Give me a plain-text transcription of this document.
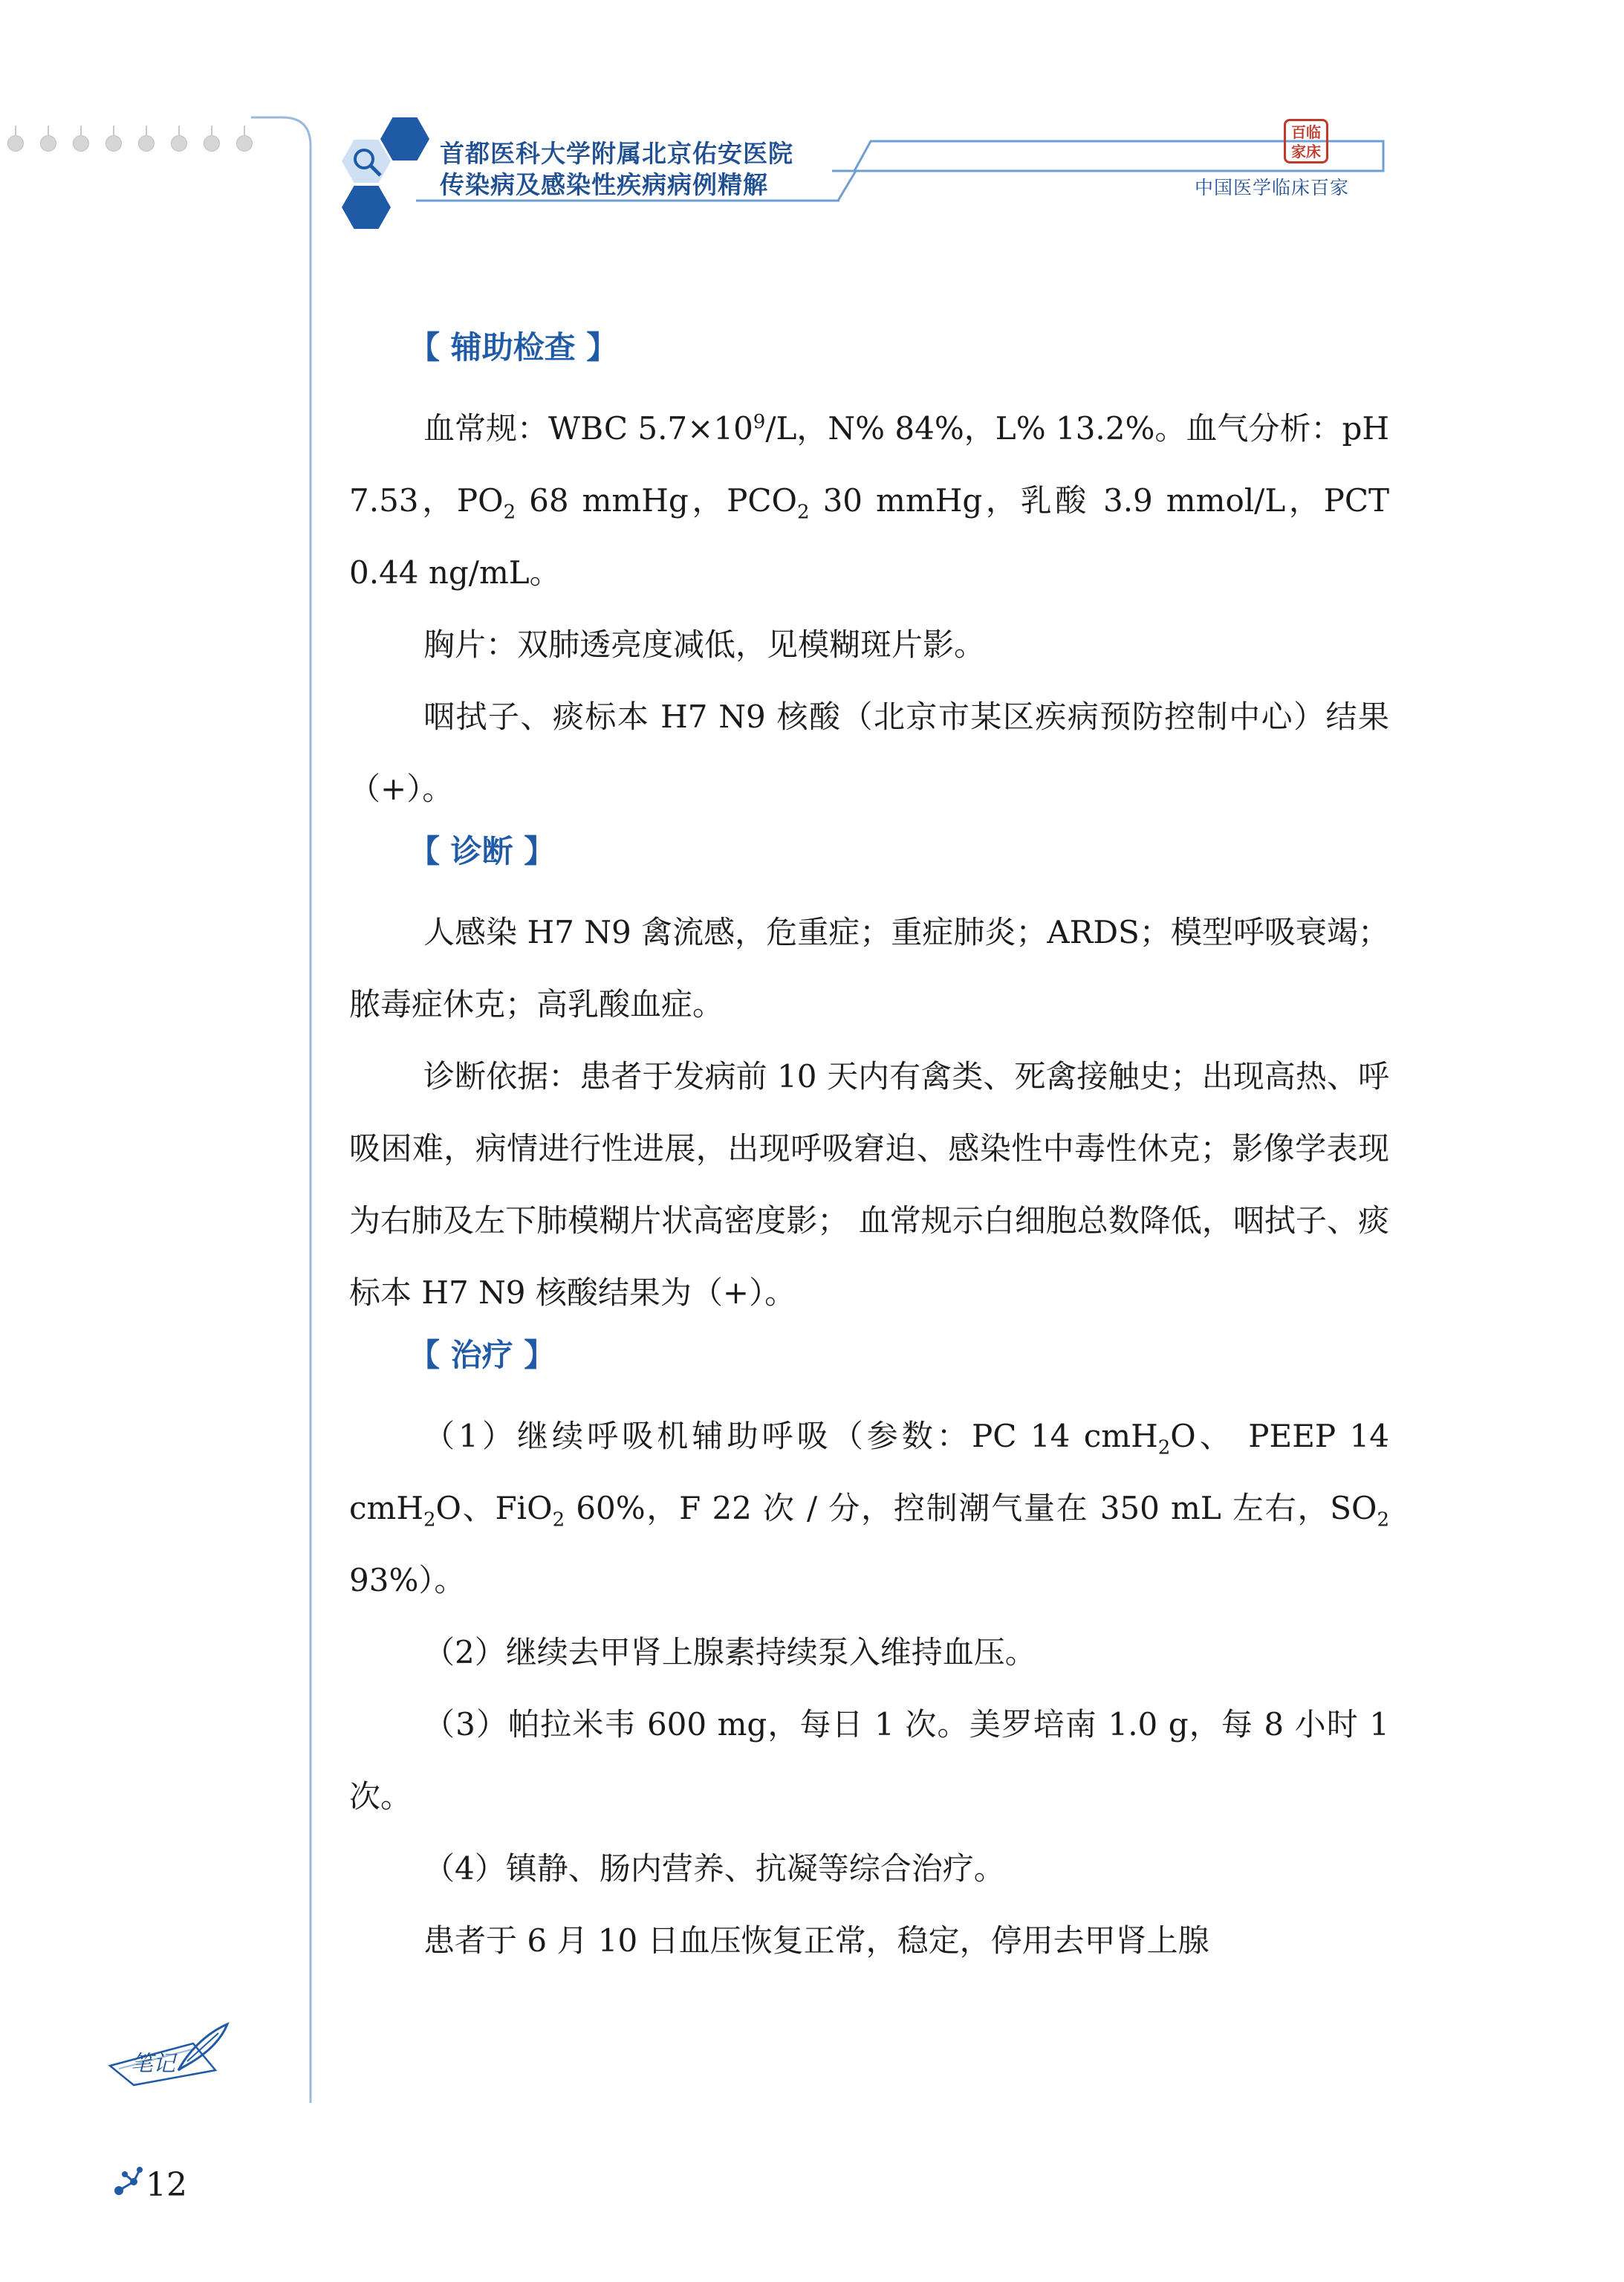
首都医科大学附属北京佑安医院
传染病及感染性疾病病例精解
百临家床
中国医学临床百家
【 辅助检查 】

血常规：WBC $5.7\times 10^9/L$，N% 84%，L% 13.2%。血气分析：pH 7.53，$PO_2$ 68 mmHg，$PCO_2$ 30 mmHg，乳酸 3.9 mmol/L，PCT 0.44 ng/mL。

胸片：双肺透亮度减低，见模糊斑片影。

咽拭子、痰标本 H7 N9 核酸（北京市某区疾病预防控制中心）结果（+）。

【 诊断 】

人感染 H7 N9 禽流感，危重症；重症肺炎；ARDS；模型呼吸衰竭；脓毒症休克；高乳酸血症。

诊断依据：患者于发病前 10 天内有禽类、死禽接触史；出现高热、呼吸困难，病情进行性进展，出现呼吸窘迫、感染性中毒性休克；影像学表现为右肺及左下肺模糊片状高密度影； 血常规示白细胞总数降低，咽拭子、痰标本 H7 N9 核酸结果为（+）。

【 治疗 】

（1）继续呼吸机辅助呼吸（参数：PC 14 cmH$_2$O、 PEEP 14 cmH$_2$O、FiO$_2$ 60%，F 22 次 / 分，控制潮气量在 350 mL 左右，$SO_2$ 93%）。

（2）继续去甲肾上腺素持续泵入维持血压。

（3）帕拉米韦 600 mg，每日 1 次。美罗培南 1.0 g，每 8 小时 1 次。

（4）镇静、肠内营养、抗凝等综合治疗。

患者于 6 月 10 日血压恢复正常，稳定，停用去甲肾上腺

笔记
12
